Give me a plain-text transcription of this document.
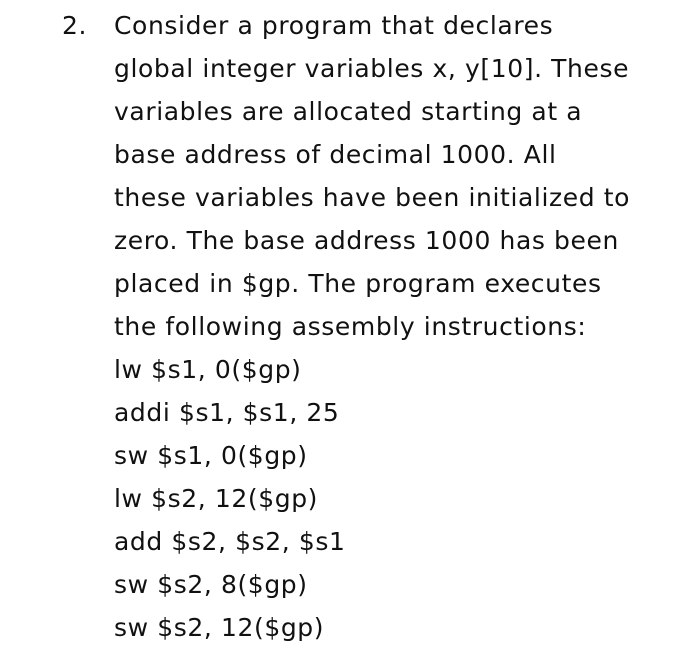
2. Consider a program that declares
global integer variables x, y[10]. These
variables are allocated starting at a
base address of decimal 1000. All
these variables have been initialized to
zero. The base address 1000 has been
placed in $gp. The program executes
the following assembly instructions:
lw $s1, 0($gp)
addi $s1, $s1, 25
sw $s1, 0($gp)
lw $s2, 12($gp)
add $s2, $s2, $s1
sw $s2, 8($gp)
sw $s2, 12($gp)
